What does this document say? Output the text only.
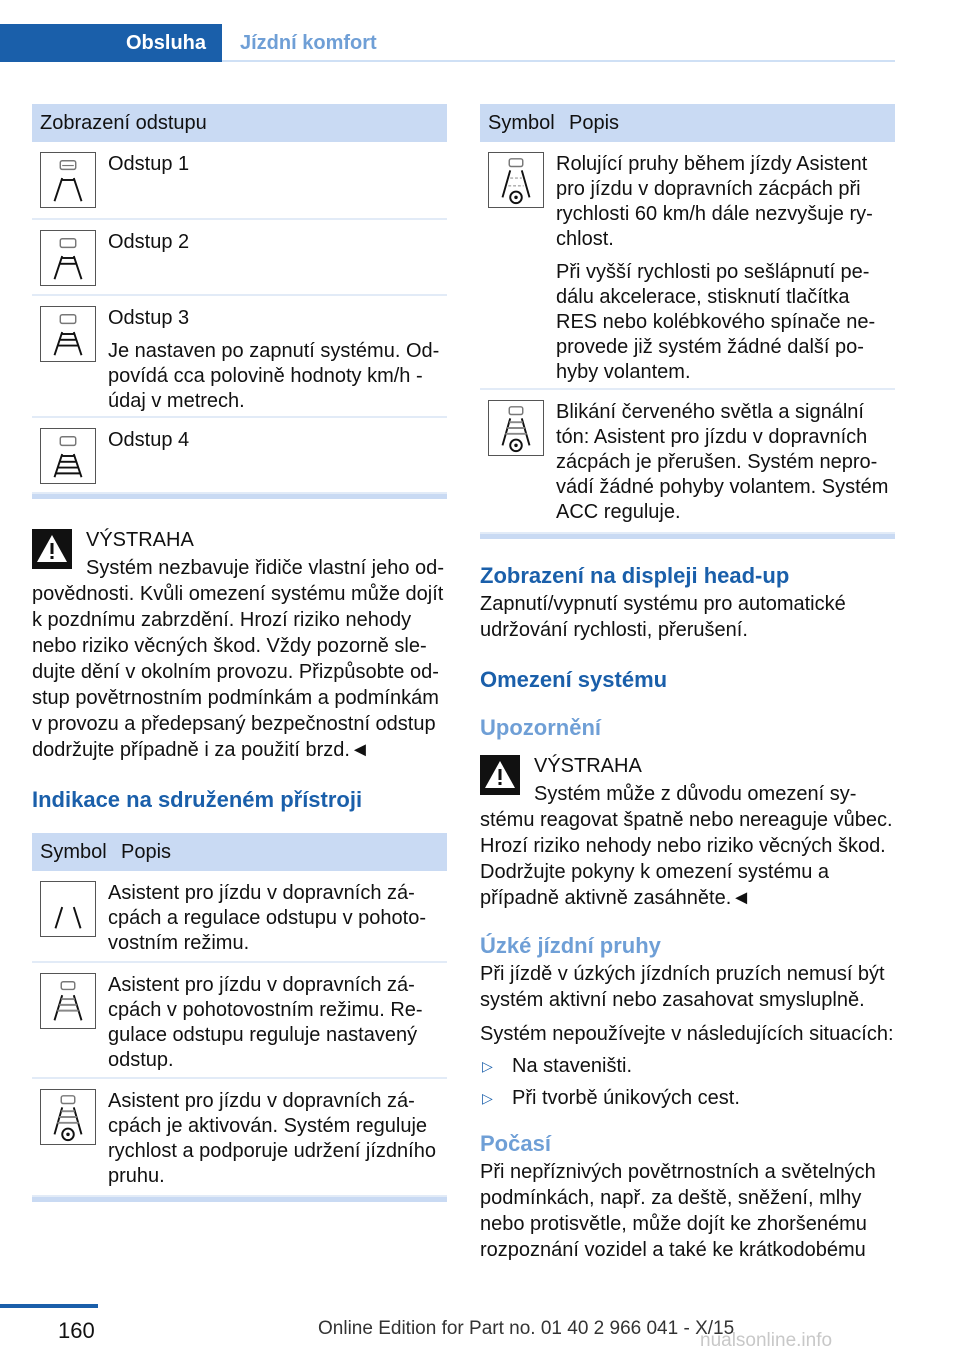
Obsluha	Jízdní komfort
Zobrazení odstupu

Odstup 1

Odstup 2

Odstup 3

Je nastaven po zapnutí systému. Odpovídá cca polovině hodnoty km/h - údaj v metrech.

Odstup 4

VÝSTRAHA
Systém nezbavuje řidiče vlastní jeho odpovědnosti. Kvůli omezení systému může dojít k pozdnímu zabrzdění. Hrozí riziko nehody nebo riziko věcných škod. Vždy pozorně sledujte dění v okolním provozu. Přizpůsobte odstup povětrnostním podmínkám a podmínkám v provozu a předepsaný bezpečnostní odstup dodržujte případně i za použití brzd.◄
Indikace na sdruženém přístroji
Symbol Popis

Asistent pro jízdu v dopravních zácpách a regulace odstupu v pohotovostním režimu.

Asistent pro jízdu v dopravních zácpách v pohotovostním režimu. Regulace odstupu reguluje nastavený odstup.

Asistent pro jízdu v dopravních zácpách je aktivován. Systém reguluje rychlost a podporuje udržení jízdního pruhu.

Symbol Popis

Rolující pruhy během jízdy Asistent pro jízdu v dopravních zácpách při rychlosti 60 km/h dále nezvyšuje rychlost.

Při vyšší rychlosti po sešlápnutí pedálu akcelerace, stisknutí tlačítka RES nebo kolébkového spínače neprovede již systém žádné další pohyby volantem.

Blikání červeného světla a signální tón: Asistent pro jízdu v dopravních zácpách je přerušen. Systém neprovádí žádné pohyby volantem. Systém ACC reguluje.

Zobrazení na displeji head-up

Zapnutí/vypnutí systému pro automatické udržování rychlosti, přerušení.

Omezení systému
Upozornění
VÝSTRAHA
Systém může z důvodu omezení systému reagovat špatně nebo nereaguje vůbec. Hrozí riziko nehody nebo riziko věcných škod. Dodržujte pokyny k omezení systému a případně aktivně zasáhněte.◄
Úzké jízdní pruhy

Při jízdě v úzkých jízdních pruzích nemusí být systém aktivní nebo zasahovat smysluplně.

Systém nepoužívejte v následujících situacích:

▷ Na staveništi.
▷ Při tvorbě únikových cest.
Počasí

Při nepříznivých povětrnostních a světelných podmínkách, např. za deště, sněžení, mlhy nebo protisvětle, může dojít ke zhoršenému rozpoznání vozidel a také ke krátkodobému

160	Online Edition for Part no. 01 40 2 966 041 - X/15
nualsonline.info
